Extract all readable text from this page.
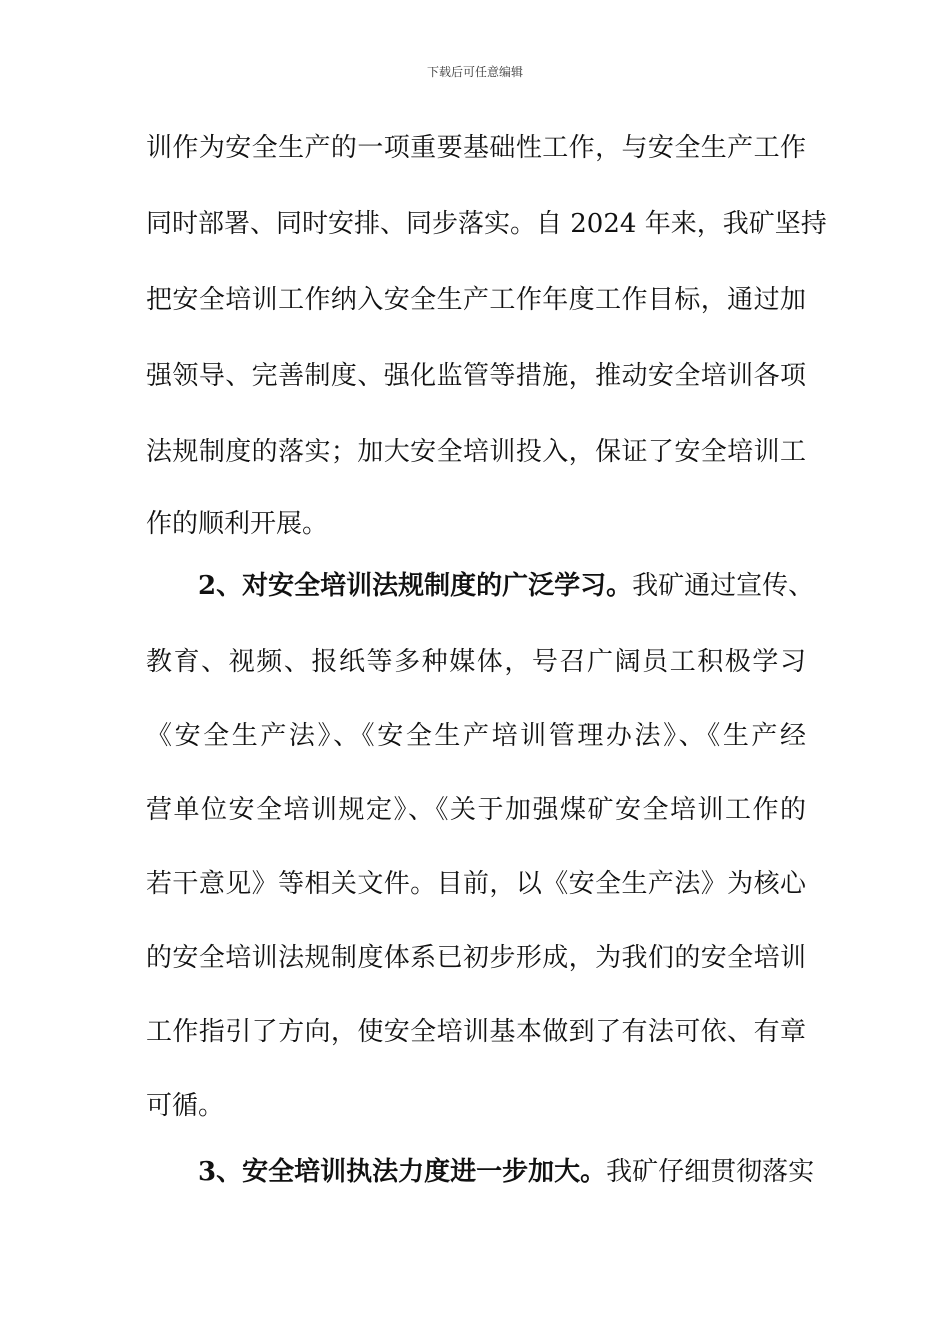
下载后可任意编辑
训作为安全生产的一项重要基础性工作，与安全生产工作
同时部署、同时安排、同步落实。自 2024 年来，我矿坚持
把安全培训工作纳入安全生产工作年度工作目标，通过加
强领导、完善制度、强化监管等措施，推动安全培训各项
法规制度的落实；加大安全培训投入，保证了安全培训工
作的顺利开展。
2、对安全培训法规制度的广泛学习。我矿通过宣传、
教育、视频、报纸等多种媒体，号召广阔员工积极学习
《安全生产法》、《安全生产培训管理办法》、《生产经
营单位安全培训规定》、《关于加强煤矿安全培训工作的
若干意见》等相关文件。目前，以《安全生产法》为核心
的安全培训法规制度体系已初步形成，为我们的安全培训
工作指引了方向，使安全培训基本做到了有法可依、有章
可循。
3、安全培训执法力度进一步加大。我矿仔细贯彻落实
